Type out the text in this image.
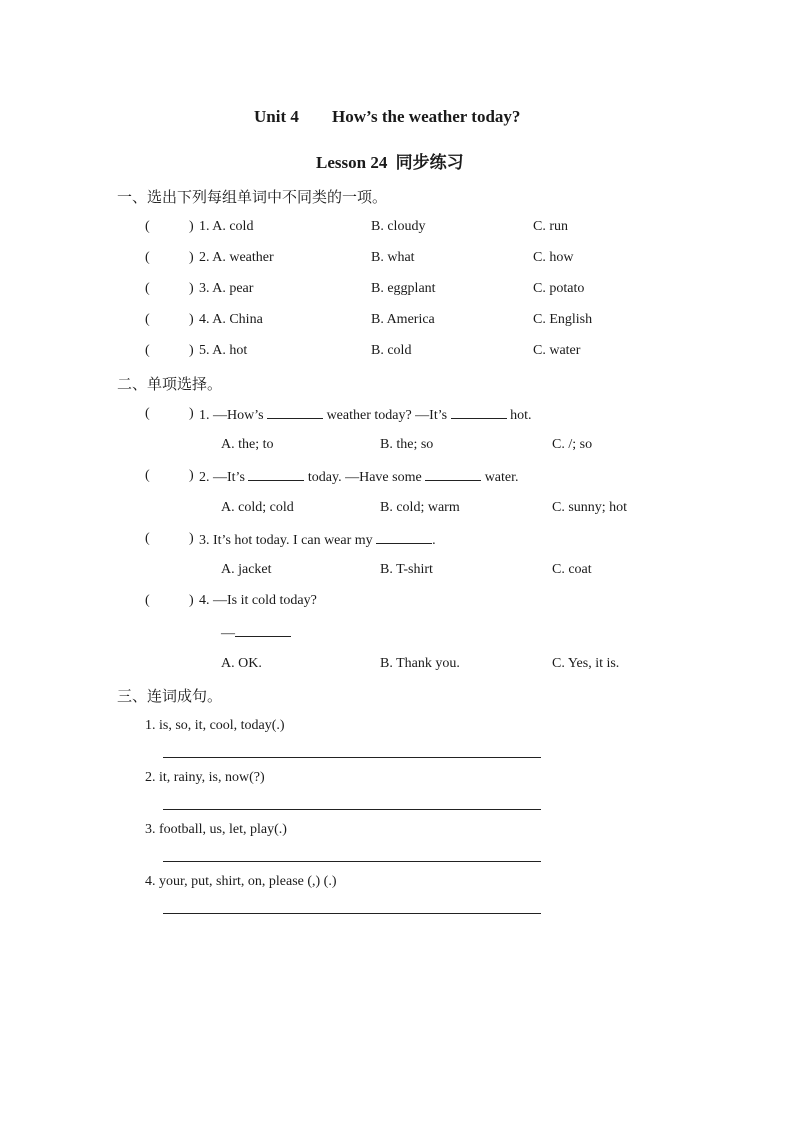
Unit 4 How’s the weather today?
Lesson 24 同步练习
一、选出下列每组单词中不同类的一项。
(	) 1. A. cold	B. cloudy	C. run
(	) 2. A. weather	B. what	C. how
(	) 3. A. pear	B. eggplant	C. potato
(	) 4. A. China	B. America	C. English
(	) 5. A. hot	B. cold	C. water
二、单项选择。
(	) 1. —How’s	weather today? —It’s	hot.
A. the; to	B. the; so	C. /; so
(	) 2. —It’s	today. —Have some	water.
A. cold; cold	B. cold; warm	C. sunny; hot
(	) 3. It’s hot today. I can wear my	.
A. jacket	B. T-shirt	C. coat
(	) 4. —Is it cold today?
—
A. OK.	B. Thank you.	C. Yes, it is.
三、连词成句。
1. is, so, it, cool, today(.)
2. it, rainy, is, now(?)
3. football, us, let, play(.)
4. your, put, shirt, on, please (,) (.)
